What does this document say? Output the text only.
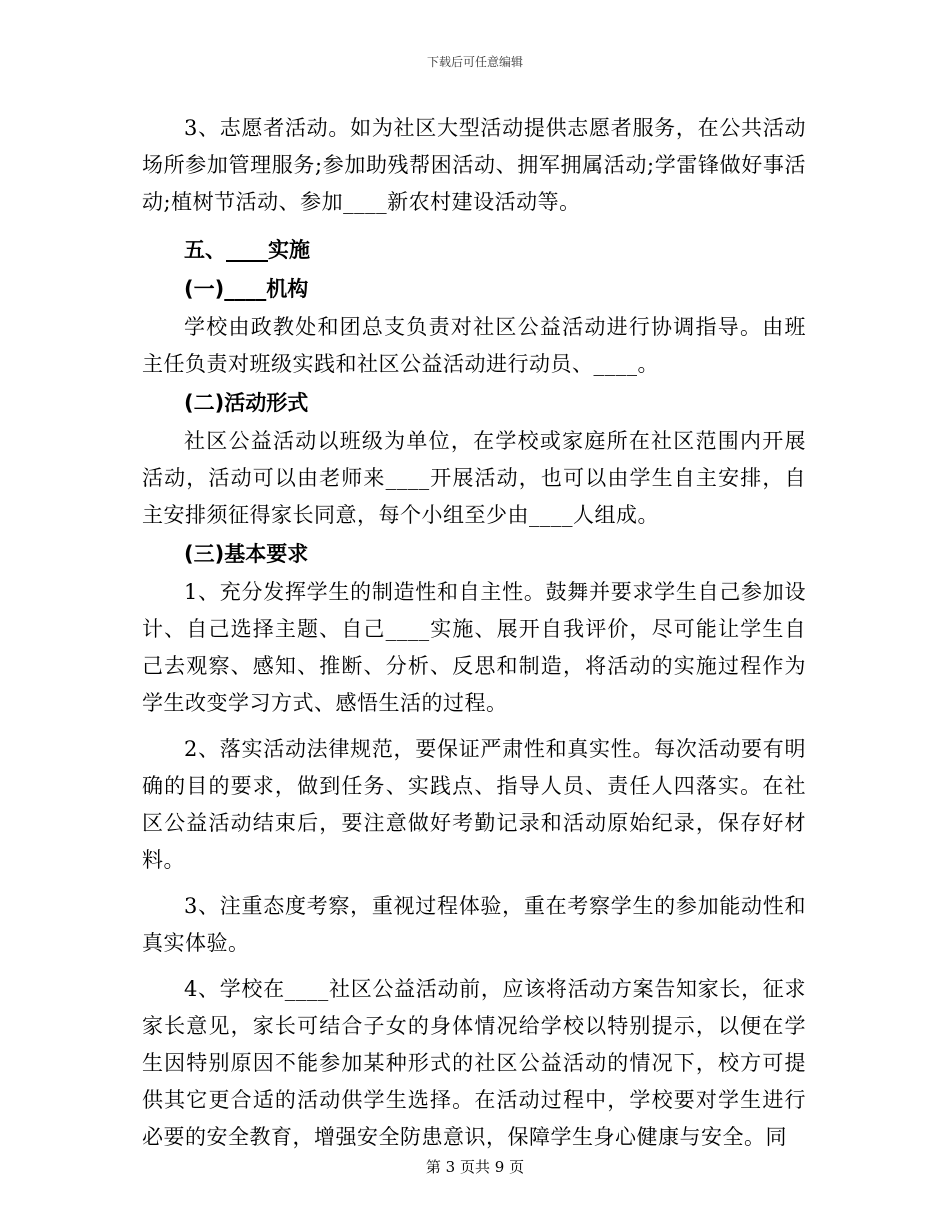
下载后可任意编辑

3、志愿者活动。如为社区大型活动提供志愿者服务，在公共活动场所参加管理服务;参加助残帮困活动、拥军拥属活动;学雷锋做好事活动;植树节活动、参加____新农村建设活动等。

五、____实施
(一)____机构

学校由政教处和团总支负责对社区公益活动进行协调指导。由班主任负责对班级实践和社区公益活动进行动员、____。

(二)活动形式

社区公益活动以班级为单位，在学校或家庭所在社区范围内开展活动，活动可以由老师来____开展活动，也可以由学生自主安排，自主安排须征得家长同意，每个小组至少由____人组成。

(三)基本要求

1、充分发挥学生的制造性和自主性。鼓舞并要求学生自己参加设计、自己选择主题、自己____实施、展开自我评价，尽可能让学生自己去观察、感知、推断、分析、反思和制造，将活动的实施过程作为学生改变学习方式、感悟生活的过程。

2、落实活动法律规范，要保证严肃性和真实性。每次活动要有明确的目的要求，做到任务、实践点、指导人员、责任人四落实。在社区公益活动结束后，要注意做好考勤记录和活动原始纪录，保存好材料。

3、注重态度考察，重视过程体验，重在考察学生的参加能动性和真实体验。

4、学校在____社区公益活动前，应该将活动方案告知家长，征求家长意见，家长可结合子女的身体情况给学校以特别提示，以便在学生因特别原因不能参加某种形式的社区公益活动的情况下，校方可提供其它更合适的活动供学生选择。在活动过程中，学校要对学生进行必要的安全教育，增强安全防患意识，保障学生身心健康与安全。同

第 3 页共 9 页
